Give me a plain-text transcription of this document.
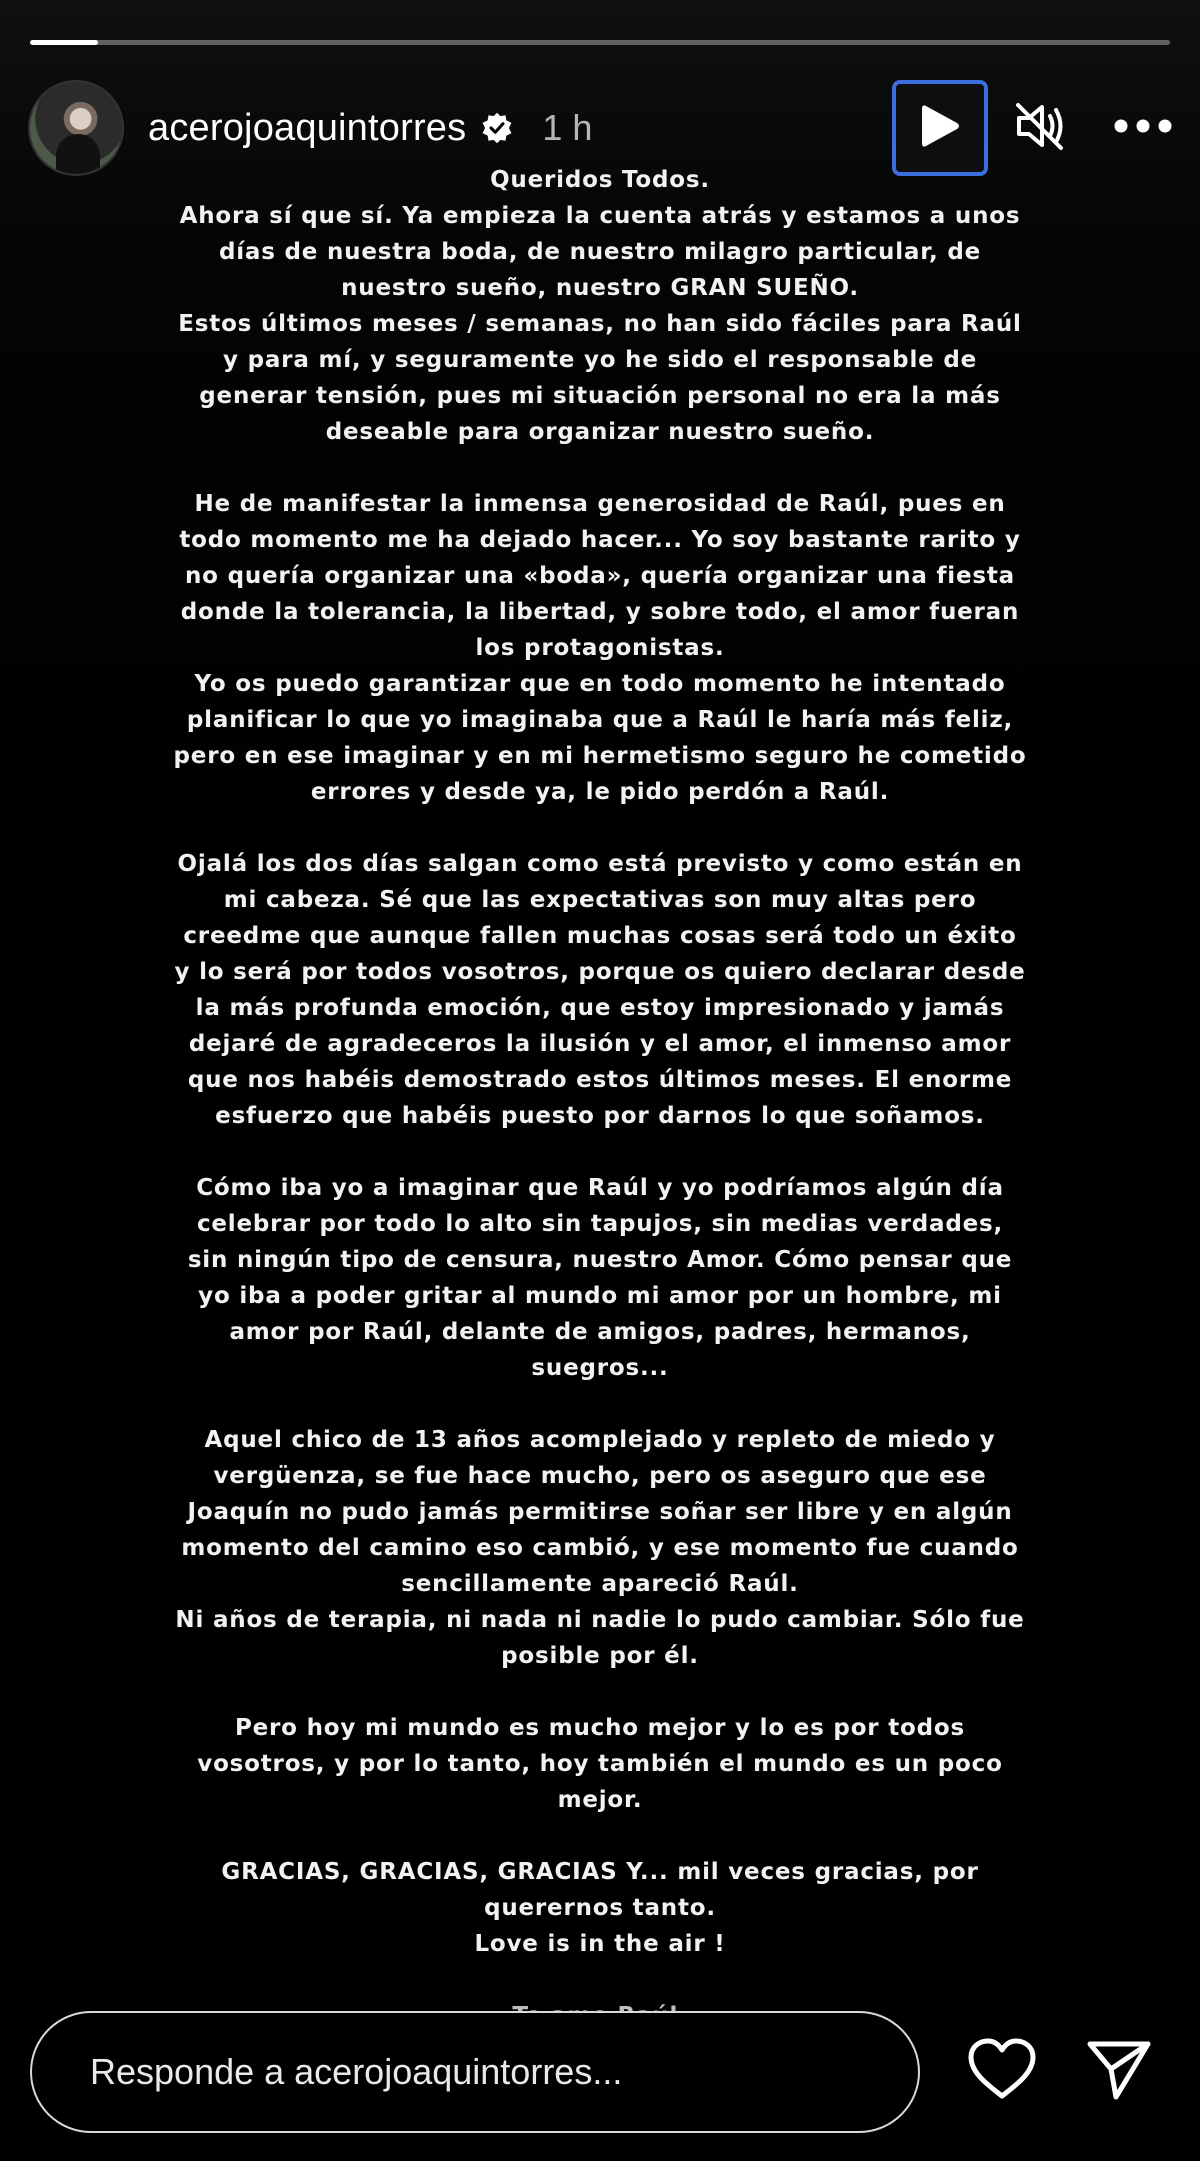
acerojoaquintorres 1 h
Queridos Todos.
Ahora sí que sí. Ya empieza la cuenta atrás y estamos a unos
días de nuestra boda, de nuestro milagro particular, de
nuestro sueño, nuestro GRAN SUEÑO.
Estos últimos meses / semanas, no han sido fáciles para Raúl
y para mí, y seguramente yo he sido el responsable de
generar tensión, pues mi situación personal no era la más
deseable para organizar nuestro sueño.
He de manifestar la inmensa generosidad de Raúl, pues en
todo momento me ha dejado hacer... Yo soy bastante rarito y
no quería organizar una «boda», quería organizar una fiesta
donde la tolerancia, la libertad, y sobre todo, el amor fueran
los protagonistas.
Yo os puedo garantizar que en todo momento he intentado
planificar lo que yo imaginaba que a Raúl le haría más feliz,
pero en ese imaginar y en mi hermetismo seguro he cometido
errores y desde ya, le pido perdón a Raúl.
Ojalá los dos días salgan como está previsto y como están en
mi cabeza. Sé que las expectativas son muy altas pero
creedme que aunque fallen muchas cosas será todo un éxito
y lo será por todos vosotros, porque os quiero declarar desde
la más profunda emoción, que estoy impresionado y jamás
dejaré de agradeceros la ilusión y el amor, el inmenso amor
que nos habéis demostrado estos últimos meses. El enorme
esfuerzo que habéis puesto por darnos lo que soñamos.
Cómo iba yo a imaginar que Raúl y yo podríamos algún día
celebrar por todo lo alto sin tapujos, sin medias verdades,
sin ningún tipo de censura, nuestro Amor. Cómo pensar que
yo iba a poder gritar al mundo mi amor por un hombre, mi
amor por Raúl, delante de amigos, padres, hermanos,
suegros...
Aquel chico de 13 años acomplejado y repleto de miedo y
vergüenza, se fue hace mucho, pero os aseguro que ese
Joaquín no pudo jamás permitirse soñar ser libre y en algún
momento del camino eso cambió, y ese momento fue cuando
sencillamente apareció Raúl.
Ni años de terapia, ni nada ni nadie lo pudo cambiar. Sólo fue
posible por él.
Pero hoy mi mundo es mucho mejor y lo es por todos
vosotros, y por lo tanto, hoy también el mundo es un poco
mejor.
GRACIAS, GRACIAS, GRACIAS Y... mil veces gracias, por
querernos tanto.
Love is in the air !
Responde a acerojoaquintorres...
